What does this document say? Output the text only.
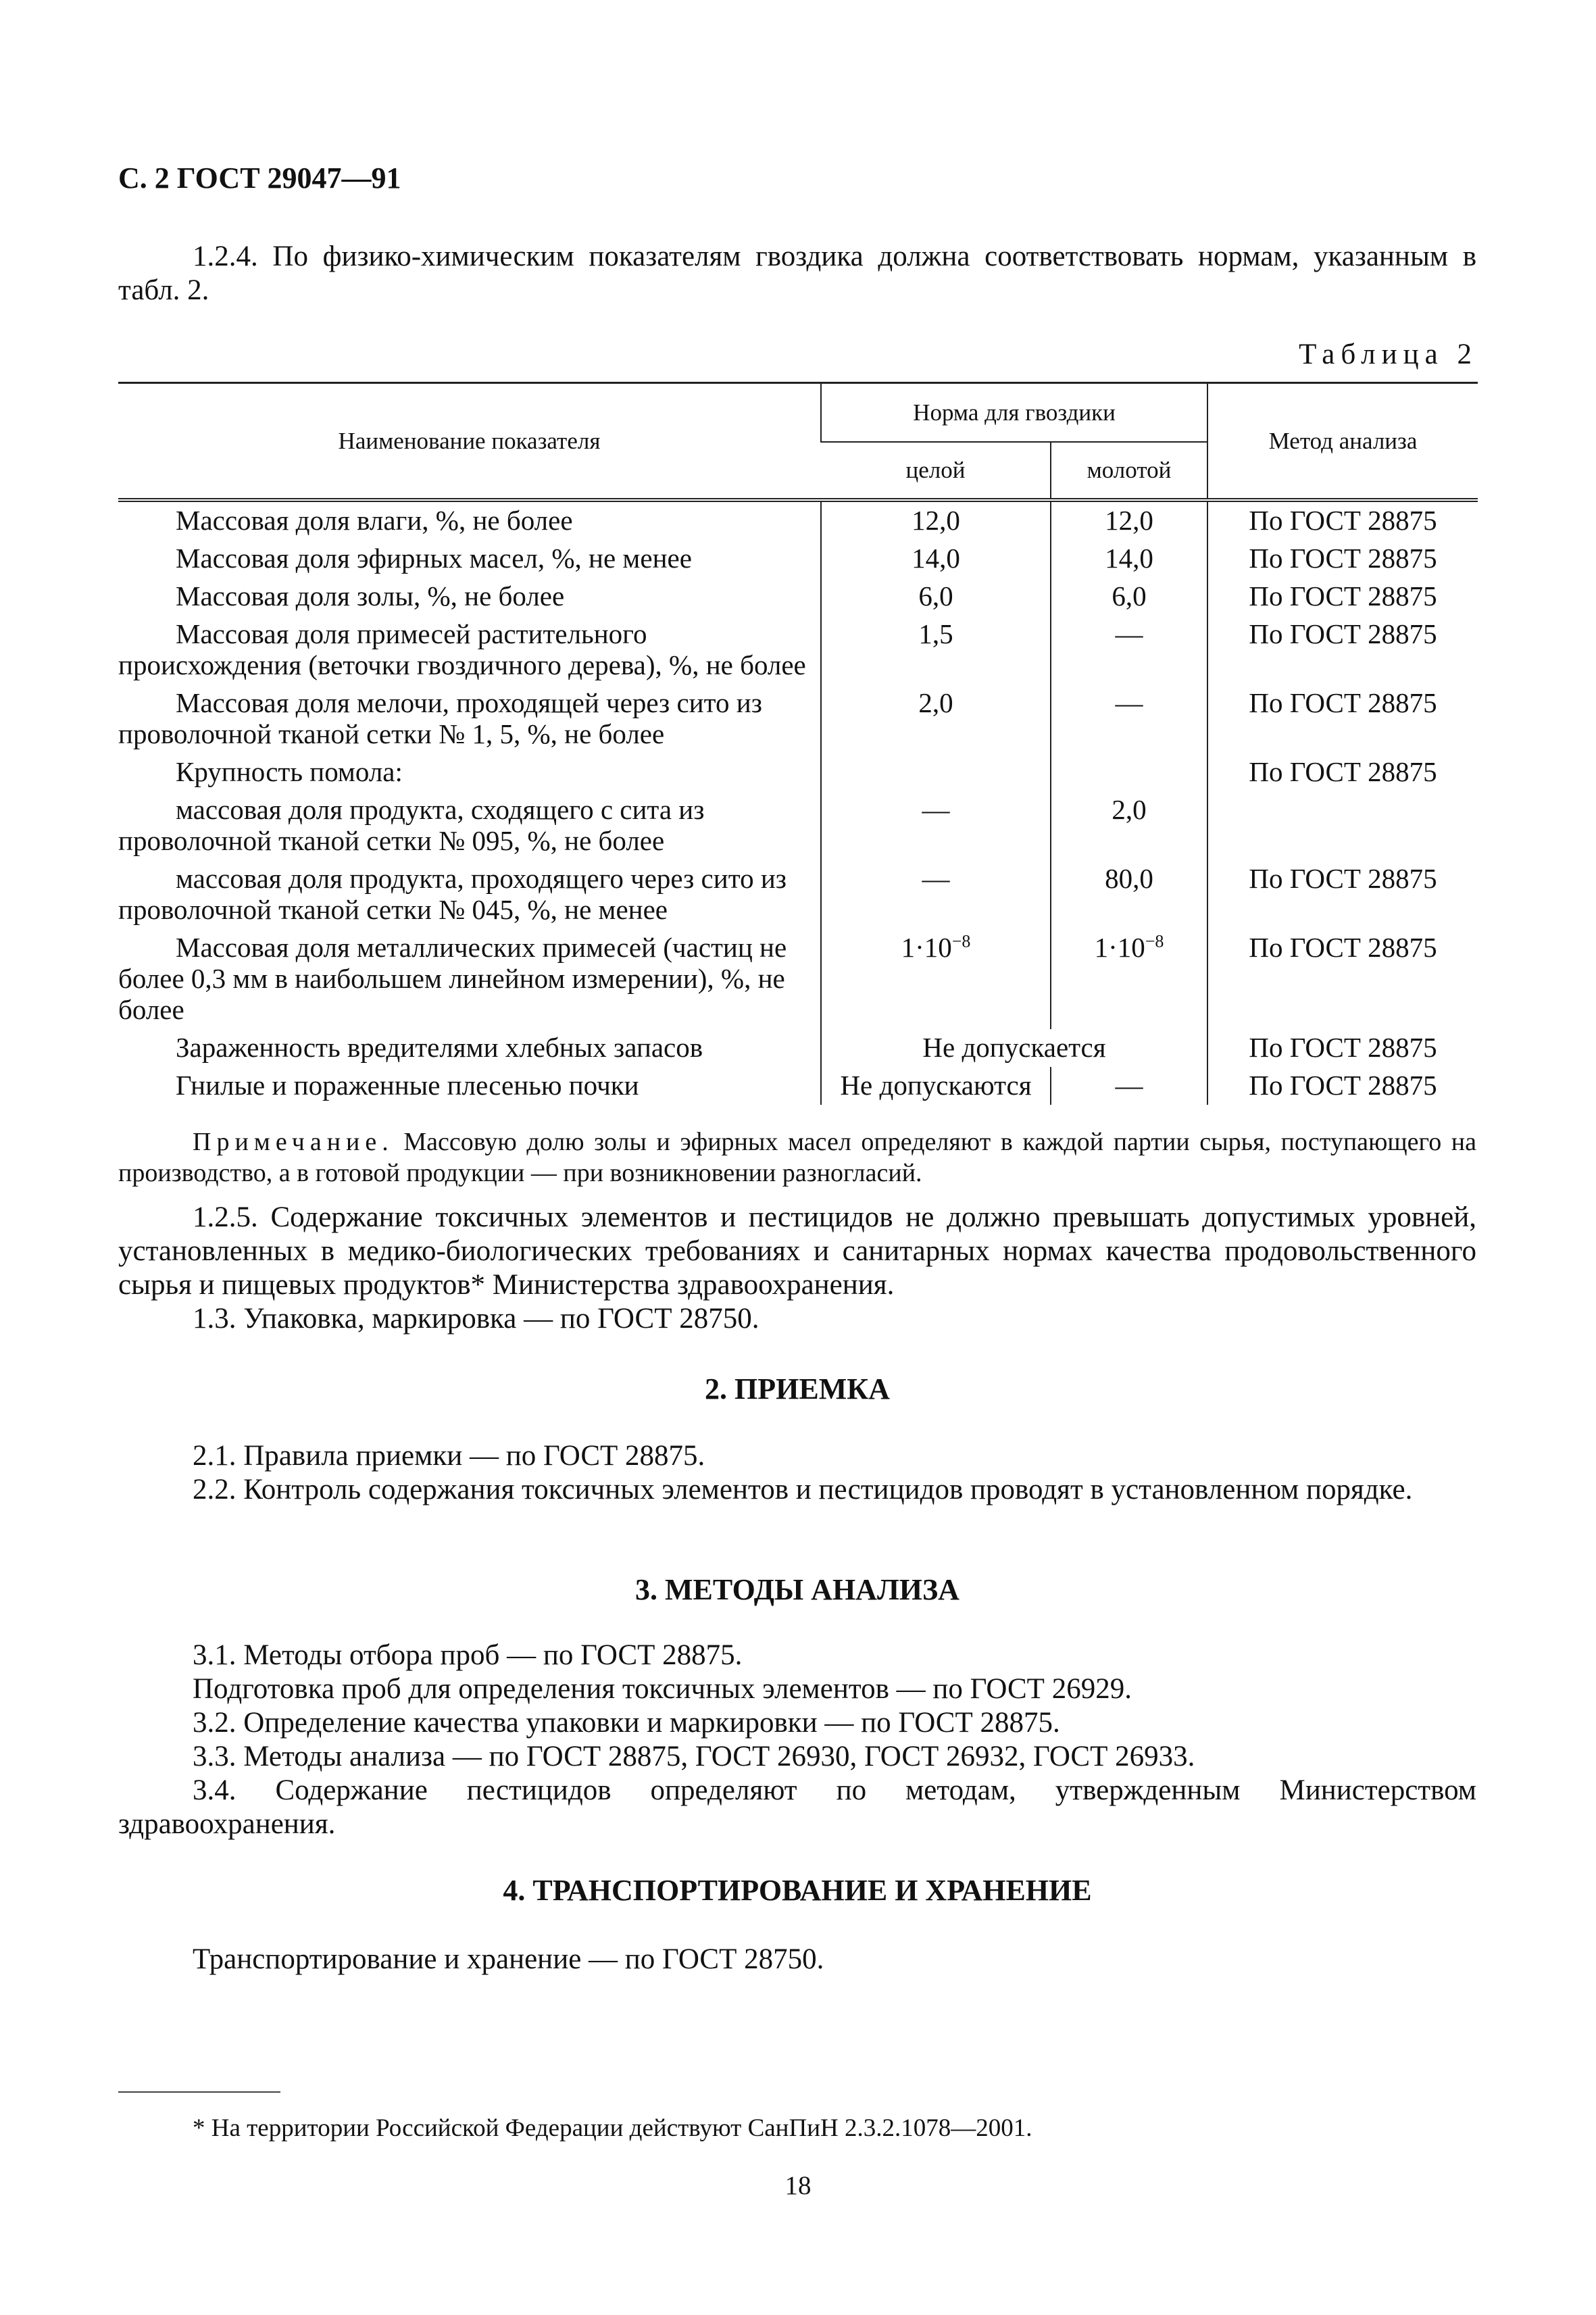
С. 2 ГОСТ 29047—91

1.2.4. По физико-химическим показателям гвоздика должна соответствовать нормам, указанным в табл. 2.

Таблица 2
Наименование показателя	Норма для гвоздики		Метод анализа
	целой	молотой	
Массовая доля влаги, %, не более	12,0	12,0	По ГОСТ 28875
Массовая доля эфирных масел, %, не менее	14,0	14,0	По ГОСТ 28875
Массовая доля золы, %, не более	6,0	6,0	По ГОСТ 28875
Массовая доля примесей растительного происхождения (веточки гвоздичного дерева), %, не более	1,5	—	По ГОСТ 28875
Массовая доля мелочи, проходящей через сито из проволочной тканой сетки № 1, 5, %, не более	2,0	—	По ГОСТ 28875
Крупность помола:			По ГОСТ 28875
массовая доля продукта, сходящего с сита из проволочной тканой сетки № 095, %, не более	—	2,0	
массовая доля продукта, проходящего через сито из проволочной тканой сетки № 045, %, не менее	—	80,0	По ГОСТ 28875
Массовая доля металлических примесей (частиц не более 0,3 мм в наибольшем линейном измерении), %, не более	$1\cdot 10^{-8}$	$1\cdot 10^{-8}$	По ГОСТ 28875
Зараженность вредителями хлебных запасов	Не допускается		По ГОСТ 28875
Гнилые и пораженные плесенью почки	Не допускаются	—	По ГОСТ 28875

Примечание. Массовую долю золы и эфирных масел определяют в каждой партии сырья, поступающего на производство, а в готовой продукции — при возникновении разногласий.

1.2.5. Содержание токсичных элементов и пестицидов не должно превышать допустимых уровней, установленных в медико-биологических требованиях и санитарных нормах качества продовольственного сырья и пищевых продуктов* Министерства здравоохранения.

1.3. Упаковка, маркировка — по ГОСТ 28750.

2. ПРИЕМКА

2.1. Правила приемки — по ГОСТ 28875.

2.2. Контроль содержания токсичных элементов и пестицидов проводят в установленном порядке.

3. МЕТОДЫ АНАЛИЗА

3.1. Методы отбора проб — по ГОСТ 28875.

Подготовка проб для определения токсичных элементов — по ГОСТ 26929.

3.2. Определение качества упаковки и маркировки — по ГОСТ 28875.

3.3. Методы анализа — по ГОСТ 28875, ГОСТ 26930, ГОСТ 26932, ГОСТ 26933.

3.4. Содержание пестицидов определяют по методам, утвержденным Министерством здравоохранения.

4. ТРАНСПОРТИРОВАНИЕ И ХРАНЕНИЕ

Транспортирование и хранение — по ГОСТ 28750.

* На территории Российской Федерации действуют СанПиН 2.3.2.1078—2001.
18
